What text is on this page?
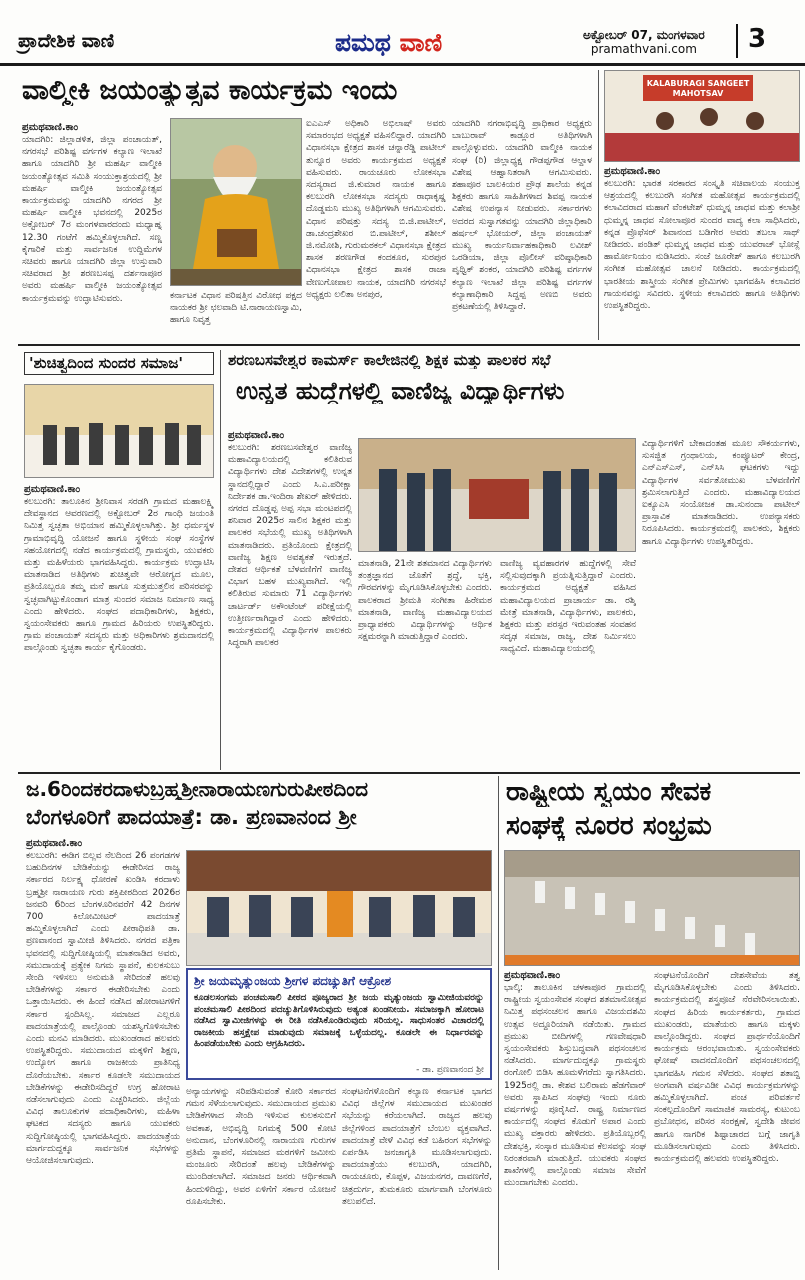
ಪ್ರಾದೇಶಿಕ ವಾಣಿ	ಪಮಥ ವಾಣಿ	ಅಕ್ಟೋಬರ್ 07, ಮಂಗಳವಾರ
pramathvani.com	3
ವಾಲ್ಮೀಕಿ ಜಯಂತ್ಯುತ್ಸವ ಕಾರ್ಯಕ್ರಮ ಇಂದು
ಪ್ರಮಥವಾಣಿ.ಕಾಂ
ಯಾದಗಿರಿ: ಜಿಲ್ಲಾಡಳಿತ, ಜಿಲ್ಲಾ ಪಂಚಾಯತ್, ನಗರಸಭೆ ಪರಿಶಿಷ್ಟ ವರ್ಗಗಳ ಕಲ್ಯಾಣ ಇಲಾಖೆ ಹಾಗೂ ಯಾದಗಿರಿ ಶ್ರೀ ಮಹರ್ಷಿ ವಾಲ್ಮೀಕಿ ಜಯಂತ್ಯೋತ್ಸವ ಸಮಿತಿ ಸಂಯುಕ್ತಾಶ್ರಯದಲ್ಲಿ ಶ್ರೀ ಮಹರ್ಷಿ ವಾಲ್ಮೀಕಿ ಜಯಂತ್ಯೋತ್ಸವ ಕಾರ್ಯಕ್ರಮವನ್ನು ಯಾದಗಿರಿ ನಗರದ ಶ್ರೀ ಮಹರ್ಷಿ ವಾಲ್ಮೀಕಿ ಭವನದಲ್ಲಿ 2025ರ ಅಕ್ಟೋಬರ್ 7ರ ಮಂಗಳವಾರದಂದು ಮಧ್ಯಾಹ್ನ 12.30 ಗಂಟೆಗೆ ಹಮ್ಮಿಕೊಳ್ಳಲಾಗಿದೆ. ಸಣ್ಣ ಕೈಗಾರಿಕೆ ಮತ್ತು ಸಾರ್ವಜನಿಕ ಉದ್ದಿಮೆಗಳ ಸಚಿವರು ಹಾಗೂ ಯಾದಗಿರಿ ಜಿಲ್ಲಾ ಉಸ್ತುವಾರಿ ಸಚಿವರಾದ ಶ್ರೀ ಶರಣಬಸಪ್ಪ ದರ್ಶನಾಪೂರ ಅವರು ಮಹರ್ಷಿ ವಾಲ್ಮೀಕಿ ಜಯಂತ್ಯೋತ್ಸವ ಕಾರ್ಯಕ್ರಮವನ್ನು ಉದ್ಘಾಟಿಸುವರು.	ಕರ್ನಾಟಕ ವಿಧಾನ ಪರಿಷತ್ತಿನ ವಿರೋಧ ಪಕ್ಷದ ನಾಯಕರ ಶ್ರೀ ಛಲವಾದಿ ಟಿ.ನಾರಾಯಣಸ್ವಾಮಿ, ಹಾಗೂ ನಿವೃತ್ತ
ಐಎಎಸ್ ಅಧಿಕಾರಿ ಅಭಿಲಾಷ್ ಅವರು ಸಮಾರಂಭದ ಅಧ್ಯಕ್ಷತೆ ವಹಿಸಲಿದ್ದಾರೆ. ಯಾದಗಿರಿ ವಿಧಾನಸಭಾ ಕ್ಷೇತ್ರದ ಶಾಸಕ ಚನ್ನಾರೆಡ್ಡಿ ಪಾಟೀಲ್ ತುನ್ನೂರ ಅವರು ಕಾರ್ಯಕ್ರಮದ ಅಧ್ಯಕ್ಷತೆ ವಹಿಸುವರು. ರಾಯಚೂರು ಲೋಕಸಭಾ ಸದಸ್ಯರಾದ ಜಿ.ಕುಮಾರ ನಾಯಕ ಹಾಗೂ ಕಲಬುರಗಿ ಲೋಕಸಭಾ ಸದಸ್ಯರು ರಾಧಾಕೃಷ್ಣ ದೊಡ್ಡಮನಿ ಮುಖ್ಯ ಅತಿಥಿಗಳಾಗಿ ಆಗಮಿಸುವರು. ವಿಧಾನ ಪರಿಷತ್ತು ಸದಸ್ಯ ಬಿ.ಜಿ.ಪಾಟೀಲ್, ಡಾ.ಚಂದ್ರಶೇಖರ ಬಿ.ಪಾಟೀಲ್, ಶಶೀಲ್ ಜಿ.ನಮೋಶಿ, ಗುರುಮಠಕಲ್ ವಿಧಾನಸಭಾ ಕ್ಷೇತ್ರದ ಶಾಸಕ ಶರಣಗೌಡ ಕಂದಕೂರ, ಸುರಪುರ ವಿಧಾನಸಭಾ ಕ್ಷೇತ್ರದ ಶಾಸಕ ರಾಜಾ ವೇಣುಗೋಪಾಲ ನಾಯಕ, ಯಾದಗಿರಿ ನಗರಸಭೆ ಅಧ್ಯಕ್ಷರು ಲಲಿತಾ ಅನಪುರ,
ಯಾದಗಿರಿ ನಗರಾಭಿವೃದ್ಧಿ ಪ್ರಾಧಿಕಾರ ಅಧ್ಯಕ್ಷರು ಬಾಬುರಾವ್ ಕಾಡ್ಲೂರ ಅತಿಥಿಗಳಾಗಿ ಪಾಲ್ಗೊಳ್ಳುವರು. ಯಾದಗಿರಿ ವಾಲ್ಮೀಕಿ ನಾಯಕ ಸಂಘ (ರಿ) ಜಿಲ್ಲಾಧ್ಯಕ್ಷ ಗೌಡಪ್ಪಗೌಡ ಆಲ್ದಾಳ ವಿಶೇಷ ಆಹ್ವಾನಿತರಾಗಿ ಆಗಮಿಸುವರು. ಶಹಾಪೂರ ಬಾಲಕಿಯರ ಪ್ರೌಢ ಶಾಲೆಯ ಕನ್ನಡ ಶಿಕ್ಷಕರು ಹಾಗೂ ಸಾಹಿತಿಗಳಾದ ಶಿವಪ್ಪ ನಾಯಕ ವಿಶೇಷ ಉಪನ್ಯಾಸ ನೀಡುವರು. ಸರ್ಕಾರಗಳು ಅದರದ ಸುಸ್ವಾಗತವನ್ನು ಯಾದಗಿರಿ ಜಿಲ್ಲಾಧಿಕಾರಿ ಹರ್ಷಲ್ ಭೋಯರ್, ಜಿಲ್ಲಾ ಪಂಚಾಯತ್ ಮುಖ್ಯ ಕಾರ್ಯನಿರ್ವಾಹಕಾಧಿಕಾರಿ ಲವೀಶ್ ಒರಡಿಯಾ, ಜಿಲ್ಲಾ ಪೊಲೀಸ್ ವರಿಷ್ಠಾಧಿಕಾರಿ ಪೃಥ್ವಿಕ್ ಶಂಕರ, ಯಾದಗಿರಿ ಪರಿಶಿಷ್ಟ ವರ್ಗಗಳ ಕಲ್ಯಾಣ ಇಲಾಖೆ ಜಿಲ್ಲಾ ಪರಿಶಿಷ್ಟ ವರ್ಗಗಳ ಕಲ್ಯಾಣಾಧಿಕಾರಿ ಸಿದ್ದಪ್ಪ ಅಣಬಿ ಅವರು ಪ್ರಕಟಣೆಯಲ್ಲಿ ತಿಳಿಸಿದ್ದಾರೆ.
KALABURAGI SANGEET MAHOTSAV
ಪ್ರಮಥವಾಣಿ.ಕಾಂ
ಕಲಬುರಗಿ: ಭಾರತ ಸರಕಾರದ ಸಂಸ್ಕೃತಿ ಸಚಿವಾಲಯ ಸಂಯುಕ್ತ ಆಶ್ರಯದಲ್ಲಿ ಕಲಬುರಗಿ ಸಂಗೀತ ಮಹೋತ್ಸವ ಕಾರ್ಯಕ್ರಮದಲ್ಲಿ ಕಲಾವಿದರಾದ ಮಹಾಗೆ ವೆಂಕಟೇಶ್ ಧುಮ್ಮನ್ನ ಜಾಧವ ಮತ್ತು ಕಲಾಶ್ರೀ ಧುಮ್ಮನ್ನ ಜಾಧವ ಸೋಲಾಪೂರ ಸುಂದರ ವಾದ್ಯ ಕಲಾ ಸಾಧಿಸಿದರು, ಕನ್ನಡ ಪ್ರೊಫೆಸರ್ ಶಿವಾನಂದ ಬಡಿಗೇರ ಅವರು ತಬಲಾ ಸಾಥ್ ನೀಡಿದರು. ಪಂಡಿತ್ ಧುಮ್ಮನ್ನ ಜಾಧವ ಮತ್ತು ಯುವರಾಜ್ ಭೋಸ್ಲೆ ಹಾರ್ಮೋನಿಯಂ ನುಡಿಸಿದರು. ಸಂಜೆ ಜೂರೇಶ್ ಹಾಗೂ ಕಲಬುರಗಿ ಸಂಗೀತ ಮಹೋತ್ಸವ ಚಾಲನೆ ನೀಡಿದರು. ಕಾರ್ಯಕ್ರಮದಲ್ಲಿ ಭಾರತೀಯ ಶಾಸ್ತ್ರೀಯ ಸಂಗೀತ ಪ್ರೇಮಿಗಳು ಭಾಗವಹಿಸಿ ಕಲಾವಿದರ ಗಾಯನವನ್ನು ಸವಿದರು. ಸ್ಥಳೀಯ ಕಲಾವಿದರು ಹಾಗೂ ಅತಿಥಿಗಳು ಉಪಸ್ಥಿತರಿದ್ದರು.
'ಶುಚಿತ್ವದಿಂದ ಸುಂದರ ಸಮಾಜ'
ಪ್ರಮಥವಾಣಿ.ಕಾಂ
ಕಲಬುರಗಿ: ತಾಲೂಕಿನ ಶ್ರೀನಿವಾಸ ಸರಡಗಿ ಗ್ರಾಮದ ಮಹಾಲಕ್ಷ್ಮಿ ದೇವಸ್ಥಾನದ ಆವರಣದಲ್ಲಿ ಅಕ್ಟೋಬರ್ 2ರ ಗಾಂಧಿ ಜಯಂತಿ ನಿಮಿತ್ತ ಸ್ವಚ್ಛತಾ ಅಭಿಯಾನ ಹಮ್ಮಿಕೊಳ್ಳಲಾಗಿತ್ತು. ಶ್ರೀ ಧರ್ಮಸ್ಥಳ ಗ್ರಾಮಾಭಿವೃದ್ಧಿ ಯೋಜನೆ ಹಾಗೂ ಸ್ಥಳೀಯ ಸಂಘ ಸಂಸ್ಥೆಗಳ ಸಹಯೋಗದಲ್ಲಿ ನಡೆದ ಕಾರ್ಯಕ್ರಮದಲ್ಲಿ ಗ್ರಾಮಸ್ಥರು, ಯುವಕರು ಮತ್ತು ಮಹಿಳೆಯರು ಭಾಗವಹಿಸಿದ್ದರು. ಕಾರ್ಯಕ್ರಮ ಉದ್ಘಾಟಿಸಿ ಮಾತನಾಡಿದ ಅತಿಥಿಗಳು ಶುಚಿತ್ವವೇ ಆರೋಗ್ಯದ ಮೂಲ, ಪ್ರತಿಯೊಬ್ಬರೂ ತಮ್ಮ ಮನೆ ಹಾಗೂ ಸುತ್ತಮುತ್ತಲಿನ ಪರಿಸರವನ್ನು ಸ್ವಚ್ಛವಾಗಿಟ್ಟುಕೊಂಡಾಗ ಮಾತ್ರ ಸುಂದರ ಸಮಾಜ ನಿರ್ಮಾಣ ಸಾಧ್ಯ ಎಂದು ಹೇಳಿದರು. ಸಂಘದ ಪದಾಧಿಕಾರಿಗಳು, ಶಿಕ್ಷಕರು, ಸ್ವಯಂಸೇವಕರು ಹಾಗೂ ಗ್ರಾಮದ ಹಿರಿಯರು ಉಪಸ್ಥಿತರಿದ್ದರು. ಗ್ರಾಮ ಪಂಚಾಯತ್ ಸದಸ್ಯರು ಮತ್ತು ಅಧಿಕಾರಿಗಳು ಶ್ರಮದಾನದಲ್ಲಿ ಪಾಲ್ಗೊಂಡು ಸ್ವಚ್ಛತಾ ಕಾರ್ಯ ಕೈಗೊಂಡರು.
ಶರಣಬಸವೇಶ್ವರ ಕಾಮರ್ಸ್ ಕಾಲೇಜಿನಲ್ಲಿ ಶಿಕ್ಷಕ ಮತ್ತು ಪಾಲಕರ ಸಭೆ
ಉನ್ನತ ಹುದ್ದೆಗಳಲ್ಲಿ ವಾಣಿಜ್ಯ ವಿದ್ಯಾರ್ಥಿಗಳು
ಪ್ರಮಥವಾಣಿ.ಕಾಂ
ಕಲಬುರಗಿ: ಶರಣಬಸವೇಶ್ವರ ವಾಣಿಜ್ಯ ಮಹಾವಿದ್ಯಾಲಯದಲ್ಲಿ ಕಲಿತಿರುವ ವಿದ್ಯಾರ್ಥಿಗಳು ದೇಶ ವಿದೇಶಗಳಲ್ಲಿ ಉನ್ನತ ಸ್ಥಾನದಲ್ಲಿದ್ದಾರೆ ಎಂದು ಸಿ.ಎ.ಪರೀಕ್ಷಾ ನಿರ್ದೇಶಕ ಡಾ.ಇಂದಿರಾ ಶೇಖರ್ ಹೇಳಿದರು. ನಗರದ ದೊಡ್ಡಪ್ಪ ಅಪ್ಪ ಸಭಾ ಮಂಟಪದಲ್ಲಿ ಶನಿವಾರ 2025ರ ಸಾಲಿನ ಶಿಕ್ಷಕರ ಮತ್ತು ಪಾಲಕರ ಸಭೆಯಲ್ಲಿ ಮುಖ್ಯ ಅತಿಥಿಗಳಾಗಿ ಮಾತನಾಡಿದರು. ಪ್ರತಿಯೊಂದು ಕ್ಷೇತ್ರದಲ್ಲಿ ವಾಣಿಜ್ಯ ಶಿಕ್ಷಣ ಅವಶ್ಯಕತೆ ಇರುತ್ತದೆ. ದೇಶದ ಆರ್ಥಿಕತೆ ಬೆಳವಣಿಗೆಗೆ ವಾಣಿಜ್ಯ ವಿಭಾಗ ಬಹಳ ಮುಖ್ಯವಾಗಿದೆ. ಇಲ್ಲಿ ಕಲಿತಿರುವ ಸುಮಾರು 71 ವಿದ್ಯಾರ್ಥಿಗಳು ಚಾರ್ಟರ್ಡ್ ಅಕೌಂಟೆಂಟ್ ಪರೀಕ್ಷೆಯಲ್ಲಿ ಉತ್ತೀರ್ಣರಾಗಿದ್ದಾರೆ ಎಂದು ಹೇಳಿದರು. ಕಾರ್ಯಕ್ರಮದಲ್ಲಿ ವಿದ್ಯಾರ್ಥಿಗಳ ಪಾಲಕರು ಸಿದ್ಧರಾಗಿ ಪಾಲಕರ
ಮಾತನಾಡಿ, 21ನೇ ಶತಮಾನದ ವಿದ್ಯಾರ್ಥಿಗಳು ತಂತ್ರಜ್ಞಾನದ ಜೊತೆಗೆ ಶ್ರದ್ಧೆ, ಭಕ್ತಿ, ಗೌರವಗಳನ್ನು ಮೈಗೂಡಿಸಿಕೊಳ್ಳಬೇಕು ಎಂದರು. ಪಾಲಕರಾದ ಶ್ರೀಮತಿ ಸಂಗೀತಾ ಹಿರೇಮಠ ಮಾತನಾಡಿ, ವಾಣಿಜ್ಯ ಮಹಾವಿದ್ಯಾಲಯದ ಪ್ರಾಧ್ಯಾಪಕರು ವಿದ್ಯಾರ್ಥಿಗಳನ್ನು ಆರ್ಥಿಕ ಸಕ್ಷಮರನ್ನಾಗಿ ಮಾಡುತ್ತಿದ್ದಾರೆ ಎಂದರು.
ವಾಣಿಜ್ಯ ವ್ಯವಹಾರಗಳ ಹುದ್ದೆಗಳಲ್ಲಿ ಸೇವೆ ಸಲ್ಲಿಸುವುದಕ್ಕಾಗಿ ಪ್ರಯತ್ನಿಸುತ್ತಿದ್ದಾರೆ ಎಂದರು. ಕಾರ್ಯಕ್ರಮದ ಅಧ್ಯಕ್ಷತೆ ವಹಿಸಿದ ಮಹಾವಿದ್ಯಾಲಯದ ಪ್ರಾಚಾರ್ಯ ಡಾ. ರಶ್ಮಿ ಮೇತ್ರೆ ಮಾತನಾಡಿ, ವಿದ್ಯಾರ್ಥಿಗಳು, ಪಾಲಕರು, ಶಿಕ್ಷಕರು ಮತ್ತು ಪರಸ್ಪರ ಇರುವಂತಹ ಸಂವಹನ ಸದೃಢ ಸಮಾಜ, ರಾಜ್ಯ, ದೇಶ ನಿರ್ಮಿಸಲು ಸಾಧ್ಯವಿದೆ. ಮಹಾವಿದ್ಯಾಲಯದಲ್ಲಿ
ವಿದ್ಯಾರ್ಥಿಗಳಿಗೆ ಬೇಕಾದಂತಹ ಮೂಲ ಸೌಕರ್ಯಗಳು, ಸುಸಜ್ಜಿತ ಗ್ರಂಥಾಲಯ, ಕಂಪ್ಯೂಟರ್ ಕೇಂದ್ರ, ಎನ್‌ಎಸ್‌ಎಸ್, ಎನ್‌ಸಿಸಿ ಘಟಕಗಳು ಇದ್ದು ವಿದ್ಯಾರ್ಥಿಗಳ ಸರ್ವತೋಮುಖ ಬೆಳವಣಿಗೆಗೆ ಶ್ರಮಿಸಲಾಗುತ್ತಿದೆ ಎಂದರು. ಮಹಾವಿದ್ಯಾಲಯದ ಐಕ್ಯೂಎಸಿ ಸಂಯೋಜಕ ಡಾ.ಸುನಂದಾ ಪಾಟೀಲ್ ಪ್ರಾಸ್ತಾವಿಕ ಮಾತನಾಡಿದರು. ಉಪನ್ಯಾಸಕರು ನಿರೂಪಿಸಿದರು. ಕಾರ್ಯಕ್ರಮದಲ್ಲಿ ಪಾಲಕರು, ಶಿಕ್ಷಕರು ಹಾಗೂ ವಿದ್ಯಾರ್ಥಿಗಳು ಉಪಸ್ಥಿತರಿದ್ದರು.
ಜ.6ರಿಂದಕರದಾಳುಬ್ರಹ್ಮಶ್ರೀನಾರಾಯಣಗುರುಪೀಠದಿಂದ
ಬೆಂಗಳೂರಿಗೆ ಪಾದಯಾತ್ರೆ: ಡಾ. ಪ್ರಣವಾನಂದ ಶ್ರೀ
ಪ್ರಮಥವಾಣಿ.ಕಾಂ
ಕಲಬುರಗಿ: ಈಡಿಗ ಬಿಲ್ಲವ ನೆಲದಿಂದ 26 ಪಂಗಡಗಳ ಬಹುದಿನಗಳ ಬೇಡಿಕೆಯನ್ನು ಈಡೇರಿಸದ ರಾಜ್ಯ ಸರ್ಕಾರದ ನಿರ್ಲಕ್ಷ್ಯ ಧೋರಣೆ ಖಂಡಿಸಿ ಕರದಾಳು ಬ್ರಹ್ಮಶ್ರೀ ನಾರಾಯಣ ಗುರು ಶಕ್ತಿಪೀಠದಿಂದ 2026ರ ಜನವರಿ 6ರಿಂದ ಬೆಂಗಳೂರಿನವರೆಗೆ 42 ದಿನಗಳ 700 ಕಿಲೋಮೀಟರ್ ಪಾದಯಾತ್ರೆ ಹಮ್ಮಿಕೊಳ್ಳಲಾಗಿದೆ ಎಂದು ಪೀಠಾಧಿಪತಿ ಡಾ. ಪ್ರಣವಾನಂದ ಸ್ವಾಮೀಜಿ ತಿಳಿಸಿದರು. ನಗರದ ಪತ್ರಿಕಾ ಭವನದಲ್ಲಿ ಸುದ್ದಿಗೋಷ್ಠಿಯಲ್ಲಿ ಮಾತನಾಡಿದ ಅವರು, ಸಮುದಾಯಕ್ಕೆ ಪ್ರತ್ಯೇಕ ನಿಗಮ ಸ್ಥಾಪನೆ, ಕುಲಕಸುಬು ಸೇಂದಿ ಇಳಿಸಲು ಅನುಮತಿ ಸೇರಿದಂತೆ ಹಲವು ಬೇಡಿಕೆಗಳನ್ನು ಸರ್ಕಾರ ಈಡೇರಿಸಬೇಕು ಎಂದು ಒತ್ತಾಯಿಸಿದರು. ಈ ಹಿಂದೆ ನಡೆಸಿದ ಹೋರಾಟಗಳಿಗೆ ಸರ್ಕಾರ ಸ್ಪಂದಿಸಿಲ್ಲ. ಸಮಾಜದ ಎಲ್ಲರೂ ಪಾದಯಾತ್ರೆಯಲ್ಲಿ ಪಾಲ್ಗೊಂಡು ಯಶಸ್ವಿಗೊಳಿಸಬೇಕು ಎಂದು ಮನವಿ ಮಾಡಿದರು. ಮುಖಂಡರಾದ ಹಲವರು ಉಪಸ್ಥಿತರಿದ್ದರು. ಸಮುದಾಯದ ಮಕ್ಕಳಿಗೆ ಶಿಕ್ಷಣ, ಉದ್ಯೋಗ ಹಾಗೂ ರಾಜಕೀಯ ಪ್ರಾತಿನಿಧ್ಯ ದೊರೆಯಬೇಕು. ಸರ್ಕಾರ ಕೂಡಲೇ ಸಮುದಾಯದ ಬೇಡಿಕೆಗಳನ್ನು ಈಡೇರಿಸದಿದ್ದರೆ ಉಗ್ರ ಹೋರಾಟ ನಡೆಸಲಾಗುವುದು ಎಂದು ಎಚ್ಚರಿಸಿದರು. ಜಿಲ್ಲೆಯ ವಿವಿಧ ತಾಲೂಕುಗಳ ಪದಾಧಿಕಾರಿಗಳು, ಮಹಿಳಾ ಘಟಕದ ಸದಸ್ಯರು ಹಾಗೂ ಯುವಕರು ಸುದ್ದಿಗೋಷ್ಠಿಯಲ್ಲಿ ಭಾಗವಹಿಸಿದ್ದರು. ಪಾದಯಾತ್ರೆಯ ಮಾರ್ಗದುದ್ದಕ್ಕೂ ಸಾರ್ವಜನಿಕ ಸಭೆಗಳನ್ನು ಆಯೋಜಿಸಲಾಗುವುದು.
ಶ್ರೀ ಜಯಮೃತ್ಯುಂಜಯ ಶ್ರೀಗಳ ಪದಚ್ಯುತಿಗೆ ಆಕ್ರೋಶ
ಕೂಡಲಸಂಗಮ ಪಂಚಮಸಾಲಿ ಪೀಠದ ಪೂಜ್ಯರಾದ ಶ್ರೀ ಜಯ ಮೃತ್ಯುಂಜಯ ಸ್ವಾಮೀಜಿಯವರನ್ನು ಪಂಚಮಸಾಲಿ ಪೀಠದಿಂದ ಪದಚ್ಯುತಿಗೊಳಿಸಿರುವುದು ಅತ್ಯಂತ ಖಂಡನೀಯ. ಸಮಾಜಕ್ಕಾಗಿ ಹೋರಾಟ ನಡೆಸಿದ ಸ್ವಾಮೀಜಿಗಳನ್ನು ಈ ರೀತಿ ನಡೆಸಿಕೊಂಡಿರುವುದು ಸರಿಯಲ್ಲ. ಸಾಧುಸಂತರ ವಿಚಾರದಲ್ಲಿ ರಾಜಕೀಯ ಹಸ್ತಕ್ಷೇಪ ಮಾಡುವುದು ಸಮಾಜಕ್ಕೆ ಒಳ್ಳೆಯದಲ್ಲ. ಕೂಡಲೇ ಈ ನಿರ್ಧಾರವನ್ನು ಹಿಂಪಡೆಯಬೇಕು ಎಂದು ಆಗ್ರಹಿಸಿದರು.
- ಡಾ. ಪ್ರಣವಾನಂದ ಶ್ರೀ
ಅನ್ಯಾಯಗಳನ್ನು ಸರಿಪಡಿಸುವಂತೆ ಕೋರಿ ಸರ್ಕಾರದ ಗಮನ ಸೆಳೆಯಲಾಗುವುದು. ಸಮುದಾಯದ ಪ್ರಮುಖ ಬೇಡಿಕೆಗಳಾದ ಸೇಂದಿ ಇಳಿಸುವ ಕುಲಕಸುಬಿಗೆ ಅವಕಾಶ, ಅಭಿವೃದ್ಧಿ ನಿಗಮಕ್ಕೆ 500 ಕೋಟಿ ಅನುದಾನ, ಬೆಂಗಳೂರಿನಲ್ಲಿ ನಾರಾಯಣ ಗುರುಗಳ ಪ್ರತಿಮೆ ಸ್ಥಾಪನೆ, ಸಮಾಜದ ಮಠಗಳಿಗೆ ಜಮೀನು ಮಂಜೂರು ಸೇರಿದಂತೆ ಹಲವು ಬೇಡಿಕೆಗಳನ್ನು ಮುಂದಿಡಲಾಗಿದೆ. ಸಮಾಜದ ಜನರು ಆರ್ಥಿಕವಾಗಿ ಹಿಂದುಳಿದಿದ್ದು, ಅವರ ಏಳಿಗೆಗೆ ಸರ್ಕಾರ ಯೋಜನೆ ರೂಪಿಸಬೇಕು.
ಸಂಘಟನೆಗಳೊಂದಿಗೆ ಕಲ್ಯಾಣ ಕರ್ನಾಟಕ ಭಾಗದ ವಿವಿಧ ಜಿಲ್ಲೆಗಳ ಸಮುದಾಯದ ಮುಖಂಡರ ಸಭೆಯನ್ನು ಕರೆಯಲಾಗಿದೆ. ರಾಜ್ಯದ ಹಲವು ಜಿಲ್ಲೆಗಳಿಂದ ಪಾದಯಾತ್ರೆಗೆ ಬೆಂಬಲ ವ್ಯಕ್ತವಾಗಿದೆ. ಪಾದಯಾತ್ರೆ ವೇಳೆ ವಿವಿಧ ಕಡೆ ಬಹಿರಂಗ ಸಭೆಗಳನ್ನು ಏರ್ಪಡಿಸಿ ಜನಜಾಗೃತಿ ಮೂಡಿಸಲಾಗುವುದು. ಪಾದಯಾತ್ರೆಯು ಕಲಬುರಗಿ, ಯಾದಗಿರಿ, ರಾಯಚೂರು, ಕೊಪ್ಪಳ, ವಿಜಯನಗರ, ದಾವಣಗೆರೆ, ಚಿತ್ರದುರ್ಗ, ತುಮಕೂರು ಮಾರ್ಗವಾಗಿ ಬೆಂಗಳೂರು ತಲುಪಲಿದೆ.
ರಾಷ್ಟ್ರೀಯ ಸ್ವಯಂ ಸೇವಕ
ಸಂಘಕ್ಕೆ ನೂರರ ಸಂಭ್ರಮ
ಪ್ರಮಥವಾಣಿ.ಕಾಂ
ಭಾಲ್ಕಿ: ತಾಲೂಕಿನ ಚಳಕಾಪೂರ ಗ್ರಾಮದಲ್ಲಿ ರಾಷ್ಟ್ರೀಯ ಸ್ವಯಂಸೇವಕ ಸಂಘದ ಶತಮಾನೋತ್ಸವ ನಿಮಿತ್ತ ಪಥಸಂಚಲನ ಹಾಗೂ ವಿಜಯದಶಮಿ ಉತ್ಸವ ಅದ್ದೂರಿಯಾಗಿ ನಡೆಯಿತು. ಗ್ರಾಮದ ಪ್ರಮುಖ ಬೀದಿಗಳಲ್ಲಿ ಗಣವೇಷಧಾರಿ ಸ್ವಯಂಸೇವಕರು ಶಿಸ್ತುಬದ್ಧವಾಗಿ ಪಥಸಂಚಲನ ನಡೆಸಿದರು. ಮಾರ್ಗದುದ್ದಕ್ಕೂ ಗ್ರಾಮಸ್ಥರು ರಂಗೋಲಿ ಬಿಡಿಸಿ ಹೂಮಳೆಗರೆದು ಸ್ವಾಗತಿಸಿದರು. 1925ರಲ್ಲಿ ಡಾ. ಕೇಶವ ಬಲಿರಾಮ ಹೆಡಗೆವಾರ್ ಅವರು ಸ್ಥಾಪಿಸಿದ ಸಂಘವು ಇಂದು ನೂರು ವರ್ಷಗಳನ್ನು ಪೂರೈಸಿದೆ. ರಾಷ್ಟ್ರ ನಿರ್ಮಾಣದ ಕಾರ್ಯದಲ್ಲಿ ಸಂಘದ ಕೊಡುಗೆ ಅಪಾರ ಎಂದು ಮುಖ್ಯ ವಕ್ತಾರರು ಹೇಳಿದರು. ಪ್ರತಿಯೊಬ್ಬರಲ್ಲಿ ದೇಶಭಕ್ತಿ, ಸಂಸ್ಕಾರ ಮೂಡಿಸುವ ಕೆಲಸವನ್ನು ಸಂಘ ನಿರಂತರವಾಗಿ ಮಾಡುತ್ತಿದೆ. ಯುವಕರು ಸಂಘದ ಶಾಖೆಗಳಲ್ಲಿ ಪಾಲ್ಗೊಂಡು ಸಮಾಜ ಸೇವೆಗೆ ಮುಂದಾಗಬೇಕು ಎಂದರು.
ಸಂಘಟನೆಯೊಂದಿಗೆ ದೇಶಸೇವೆಯ ತತ್ವ ಮೈಗೂಡಿಸಿಕೊಳ್ಳಬೇಕು ಎಂದು ತಿಳಿಸಿದರು. ಕಾರ್ಯಕ್ರಮದಲ್ಲಿ ಶಸ್ತ್ರಪೂಜೆ ನೆರವೇರಿಸಲಾಯಿತು. ಸಂಘದ ಹಿರಿಯ ಕಾರ್ಯಕರ್ತರು, ಗ್ರಾಮದ ಮುಖಂಡರು, ಮಾತೆಯರು ಹಾಗೂ ಮಕ್ಕಳು ಪಾಲ್ಗೊಂಡಿದ್ದರು. ಸಂಘದ ಪ್ರಾರ್ಥನೆಯೊಂದಿಗೆ ಕಾರ್ಯಕ್ರಮ ಆರಂಭವಾಯಿತು. ಸ್ವಯಂಸೇವಕರು ಘೋಷ್ ವಾದನದೊಂದಿಗೆ ಪಥಸಂಚಲನದಲ್ಲಿ ಭಾಗವಹಿಸಿ ಗಮನ ಸೆಳೆದರು. ಸಂಘದ ಶತಾಬ್ದಿ ಅಂಗವಾಗಿ ವರ್ಷವಿಡೀ ವಿವಿಧ ಕಾರ್ಯಕ್ರಮಗಳನ್ನು ಹಮ್ಮಿಕೊಳ್ಳಲಾಗಿದೆ. ಪಂಚ ಪರಿವರ್ತನೆ ಸಂಕಲ್ಪದೊಂದಿಗೆ ಸಾಮಾಜಿಕ ಸಾಮರಸ್ಯ, ಕುಟುಂಬ ಪ್ರಬೋಧನ, ಪರಿಸರ ಸಂರಕ್ಷಣೆ, ಸ್ವದೇಶಿ ಜೀವನ ಹಾಗೂ ನಾಗರಿಕ ಶಿಷ್ಟಾಚಾರದ ಬಗ್ಗೆ ಜಾಗೃತಿ ಮೂಡಿಸಲಾಗುವುದು ಎಂದು ತಿಳಿಸಿದರು. ಕಾರ್ಯಕ್ರಮದಲ್ಲಿ ಹಲವರು ಉಪಸ್ಥಿತರಿದ್ದರು.
